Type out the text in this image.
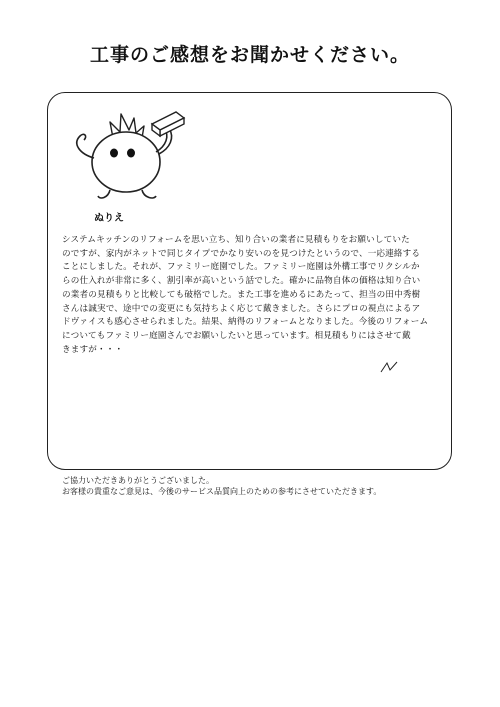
工事のご感想をお聞かせください。
ぬりえ
システムキッチンのリフォームを思い立ち、知り合いの業者に見積もりをお願いしていた
のですが、家内がネットで同じタイプでかなり安いのを見つけたというので、一応連絡する
ことにしました。それが、ファミリー庭園でした。ファミリー庭園は外構工事でリクシルか
らの仕入れが非常に多く、割引率が高いという話でした。確かに品物自体の価格は知り合い
の業者の見積もりと比較しても破格でした。また工事を進めるにあたって、担当の田中秀樹
さんは誠実で、途中での変更にも気持ちよく応じて戴きました。さらにプロの視点によるア
ドヴァイスも感心させられました。結果、納得のリフォームとなりました。今後のリフォーム
についてもファミリー庭園さんでお願いしたいと思っています。相見積もりにはさせて戴
きますが・・・
ご協力いただきありがとうございました。
お客様の貴重なご意見は、今後のサービス品質向上のための参考にさせていただきます。
